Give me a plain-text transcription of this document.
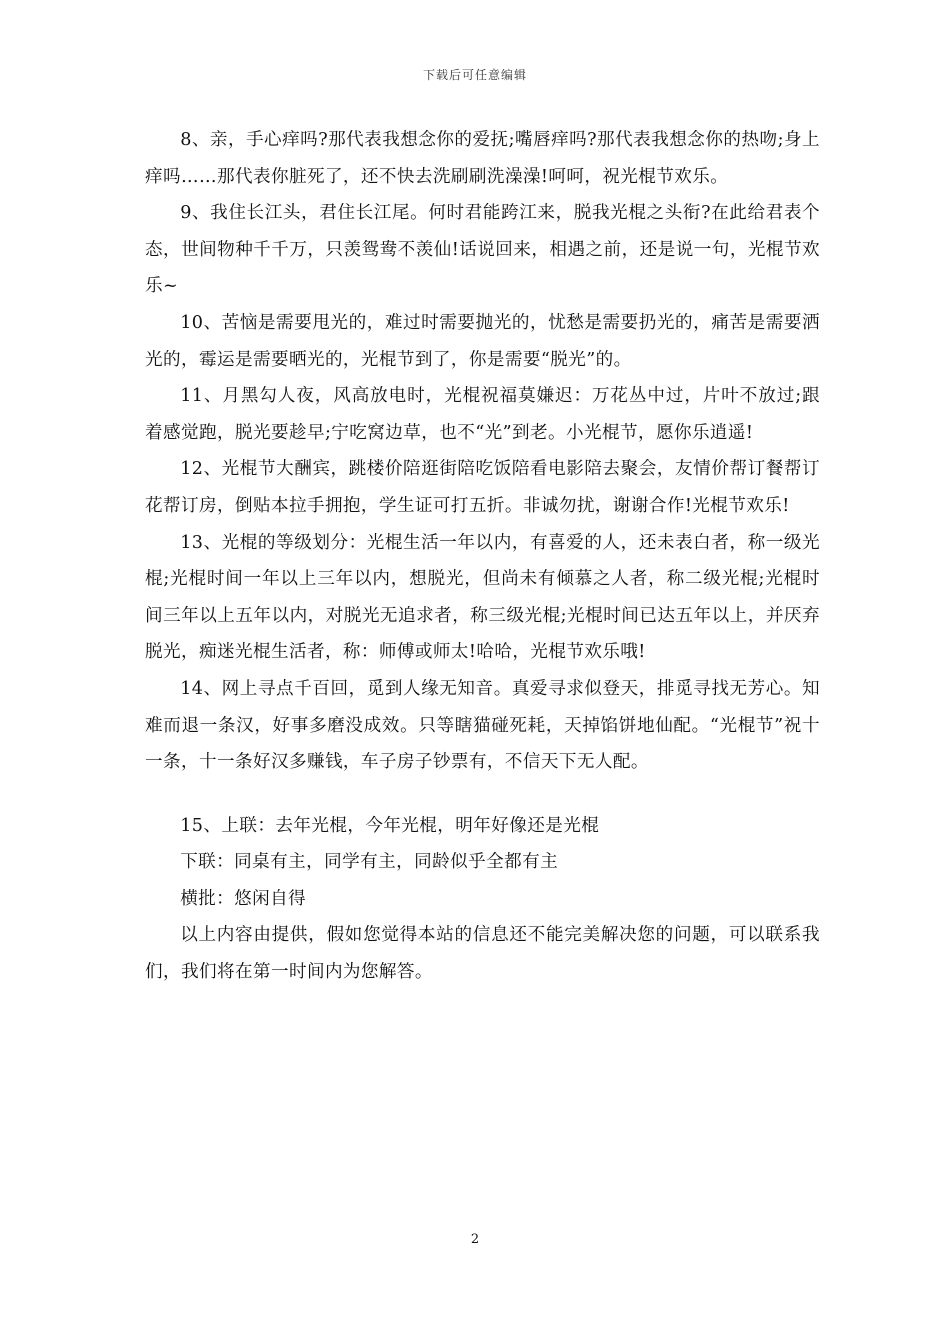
下载后可任意编辑

8、亲，手心痒吗?那代表我想念你的爱抚;嘴唇痒吗?那代表我想念你的热吻;身上痒吗……那代表你脏死了，还不快去洗刷刷洗澡澡!呵呵，祝光棍节欢乐。

9、我住长江头，君住长江尾。何时君能跨江来，脱我光棍之头衔?在此给君表个态，世间物种千千万，只羡鸳鸯不羡仙!话说回来，相遇之前，还是说一句，光棍节欢乐~

10、苦恼是需要甩光的，难过时需要抛光的，忧愁是需要扔光的，痛苦是需要洒光的，霉运是需要晒光的，光棍节到了，你是需要“脱光”的。

11、月黑勾人夜，风高放电时，光棍祝福莫嫌迟：万花丛中过，片叶不放过;跟着感觉跑，脱光要趁早;宁吃窝边草，也不“光”到老。小光棍节，愿你乐逍遥!

12、光棍节大酬宾，跳楼价陪逛街陪吃饭陪看电影陪去聚会，友情价帮订餐帮订花帮订房，倒贴本拉手拥抱，学生证可打五折。非诚勿扰，谢谢合作!光棍节欢乐!

13、光棍的等级划分：光棍生活一年以内，有喜爱的人，还未表白者，称一级光棍;光棍时间一年以上三年以内，想脱光，但尚未有倾慕之人者，称二级光棍;光棍时间三年以上五年以内，对脱光无追求者，称三级光棍;光棍时间已达五年以上，并厌弃脱光，痴迷光棍生活者，称：师傅或师太!哈哈，光棍节欢乐哦!

14、网上寻点千百回，觅到人缘无知音。真爱寻求似登天，排觅寻找无芳心。知难而退一条汉，好事多磨没成效。只等瞎猫碰死耗，天掉馅饼地仙配。“光棍节”祝十一条，十一条好汉多赚钱，车子房子钞票有，不信天下无人配。

15、上联：去年光棍，今年光棍，明年好像还是光棍

下联：同桌有主，同学有主，同龄似乎全都有主

横批：悠闲自得

以上内容由提供，假如您觉得本站的信息还不能完美解决您的问题，可以联系我们，我们将在第一时间内为您解答。

2
